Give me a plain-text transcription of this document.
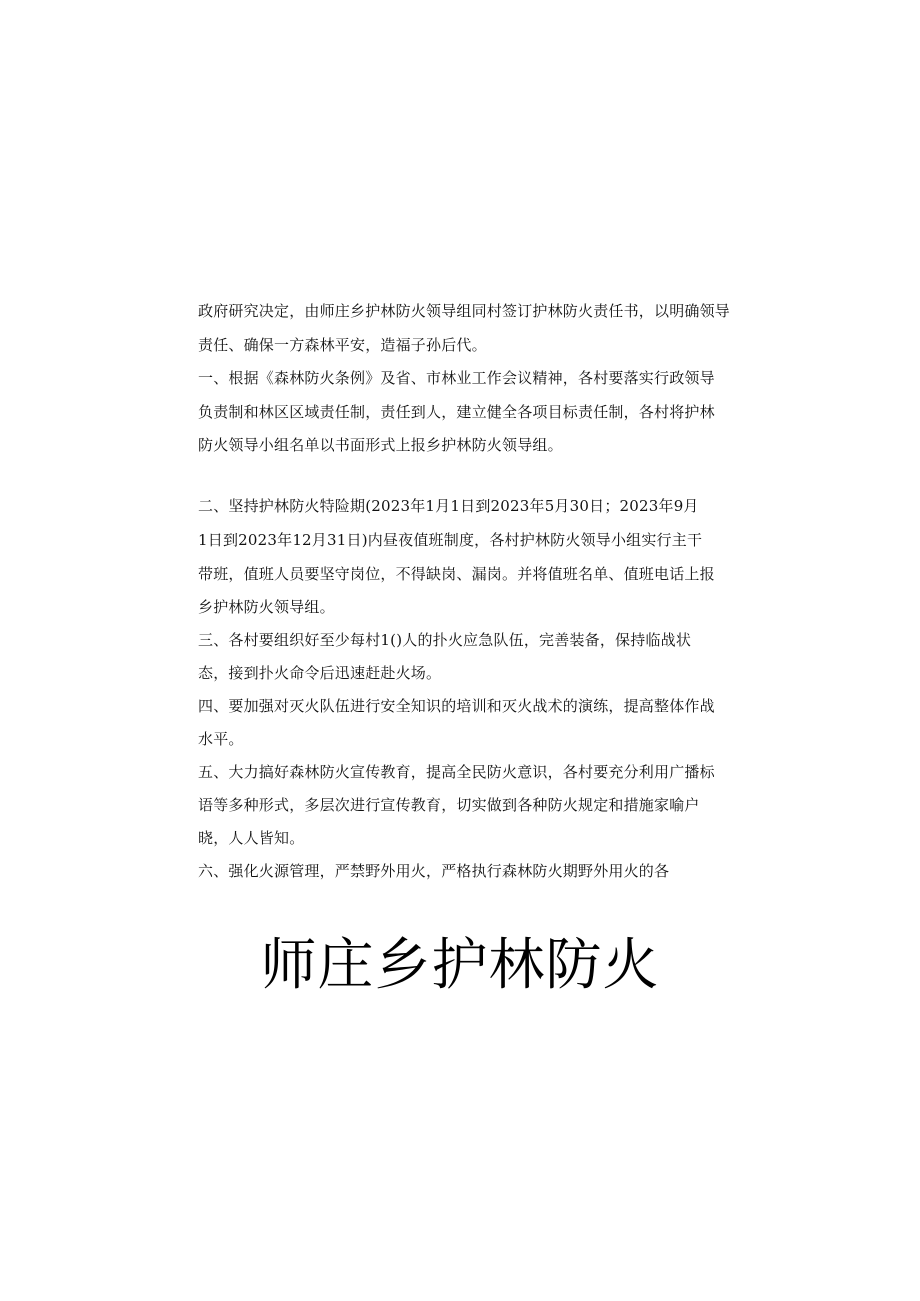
政府研究决定，由师庄乡护林防火领导组同村签订护林防火责任书，以明确领导
责任、确保一方森林平安，造福子孙后代。
一、根据《森林防火条例》及省、市林业工作会议精神，各村要落实行政领导
负责制和林区区域责任制，责任到人，建立健全各项目标责任制，各村将护林
防火领导小组名单以书面形式上报乡护林防火领导组。
二、坚持护林防火特险期(2023年1月1日到2023年5月30日；2023年9月
1日到2023年12月31日)内昼夜值班制度，各村护林防火领导小组实行主干
带班，值班人员要坚守岗位，不得缺岗、漏岗。并将值班名单、值班电话上报
乡护林防火领导组。
三、各村要组织好至少每村1()人的扑火应急队伍，完善装备，保持临战状
态，接到扑火命令后迅速赶赴火场。
四、要加强对灭火队伍进行安全知识的培训和灭火战术的演练，提高整体作战
水平。
五、大力搞好森林防火宣传教育，提高全民防火意识，各村要充分利用广播标
语等多种形式，多层次进行宣传教育，切实做到各种防火规定和措施家喻户
晓，人人皆知。
六、强化火源管理，严禁野外用火，严格执行森林防火期野外用火的各
师庄乡护林防火
